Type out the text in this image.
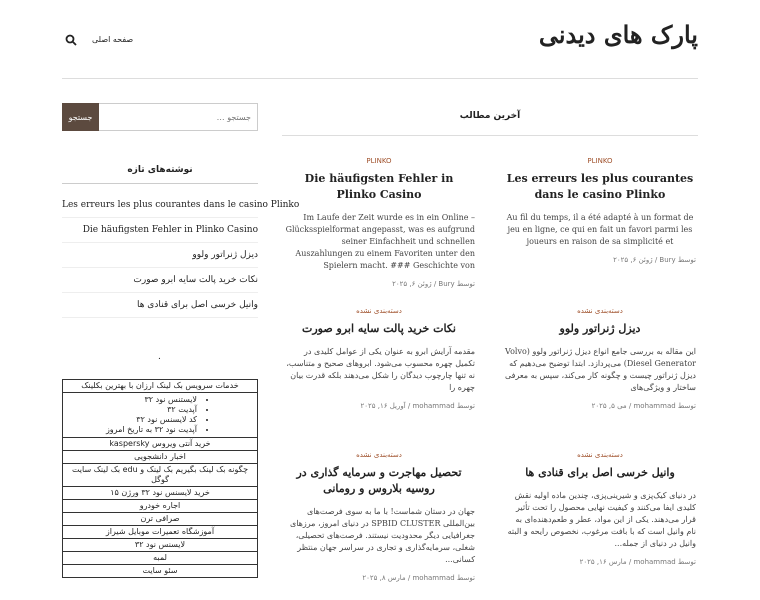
پارک های دیدنی
صفحه اصلی
جستجو
جستجو …
نوشته‌های تازه
Les erreurs les plus courantes dans le casino Plinko
Die häufigsten Fehler in Plinko Casino
دیزل ژنراتور ولوو
نکات خرید پالت سایه ابرو صورت
وانیل خرسی اصل برای قنادی ها
.
خدمات سرویس بک لینک ارزان با بهترین بکلینک
• لایستنس نود ۳۲
• آپدیت ۳۲
• کد لایسنس نود ۳۲
• آپدیت نود ۳۲ به تاریخ امروز
خرید آنتی ویروس kaspersky
اخبار دانشجویی
چگونه بک لینک بگیریم بک لینک و edu بک لینک سایت گوگل
خرید لایسنس نود ۳۲ ورژن ۱۵
اجاره خودرو
صرافی ترن
آموزشگاه تعمیرات موبایل شیراز
لایسنس نود ۳۲
لمبه
سئو سایت
آخرین مطالب
PLINKO
Les erreurs les plus courantes dans le casino Plinko
Au fil du temps, il a été adapté à un format de jeu en ligne, ce qui en fait un favori parmi les joueurs en raison de sa simplicité et
توسط Bury / ژوئن ۶, ۲۰۲۵
PLINKO
Die häufigsten Fehler in Plinko Casino
Im Laufe der Zeit wurde es in ein Online – Glücksspielformat angepasst, was es aufgrund seiner Einfachheit und schnellen Auszahlungen zu einem Favoriten unter den Spielern macht. ### Geschichte von
توسط Bury / ژوئن ۶, ۲۰۲۵
دسته‌بندی نشده
دیزل ژنراتور ولوو
این مقاله به بررسی جامع انواع دیزل ژنراتور ولوو (Volvo Diesel Generator) می‌پردازد. ابتدا توضیح می‌دهیم که دیزل ژنراتور چیست و چگونه کار می‌کند، سپس به معرفی ساختار و ویژگی‌های
توسط mohammad / می ۵, ۲۰۲۵
دسته‌بندی نشده
نکات خرید پالت سایه ابرو صورت
مقدمه آرایش ابرو به عنوان یکی از عوامل کلیدی در تکمیل چهره محسوب می‌شود. ابروهای صحیح و متناسب، نه تنها چارچوب دیدگان را شکل می‌دهند بلکه قدرت بیان چهره را
توسط mohammad / آوریل ۱۶, ۲۰۲۵
دسته‌بندی نشده
وانیل خرسی اصل برای قنادی ها
در دنیای کیک‌پزی و شیرینی‌پزی، چندین ماده اولیه نقش کلیدی ایفا می‌کنند و کیفیت نهایی محصول را تحت تأثیر قرار می‌دهند. یکی از این مواد، عطر و طعم‌دهنده‌ای به نام وانیل است که با بافت مرغوب، نخصوص رایحه و البته وانیل در دنیای از جمله...
توسط mohammad / مارس ۱۶, ۲۰۲۵
دسته‌بندی نشده
تحصیل مهاجرت و سرمایه گذاری در روسیه بلاروس و رومانی
جهان در دستان شماست! با ما به سوی فرصت‌های بین‌المللی SPBID CLUSTER در دنیای امروز، مرزهای جغرافیایی دیگر محدودیت نیستند. فرصت‌های تحصیلی، شغلی، سرمایه‌گذاری و تجاری در سراسر جهان منتظر کسانی...
توسط mohammad / مارس ۸, ۲۰۲۵
